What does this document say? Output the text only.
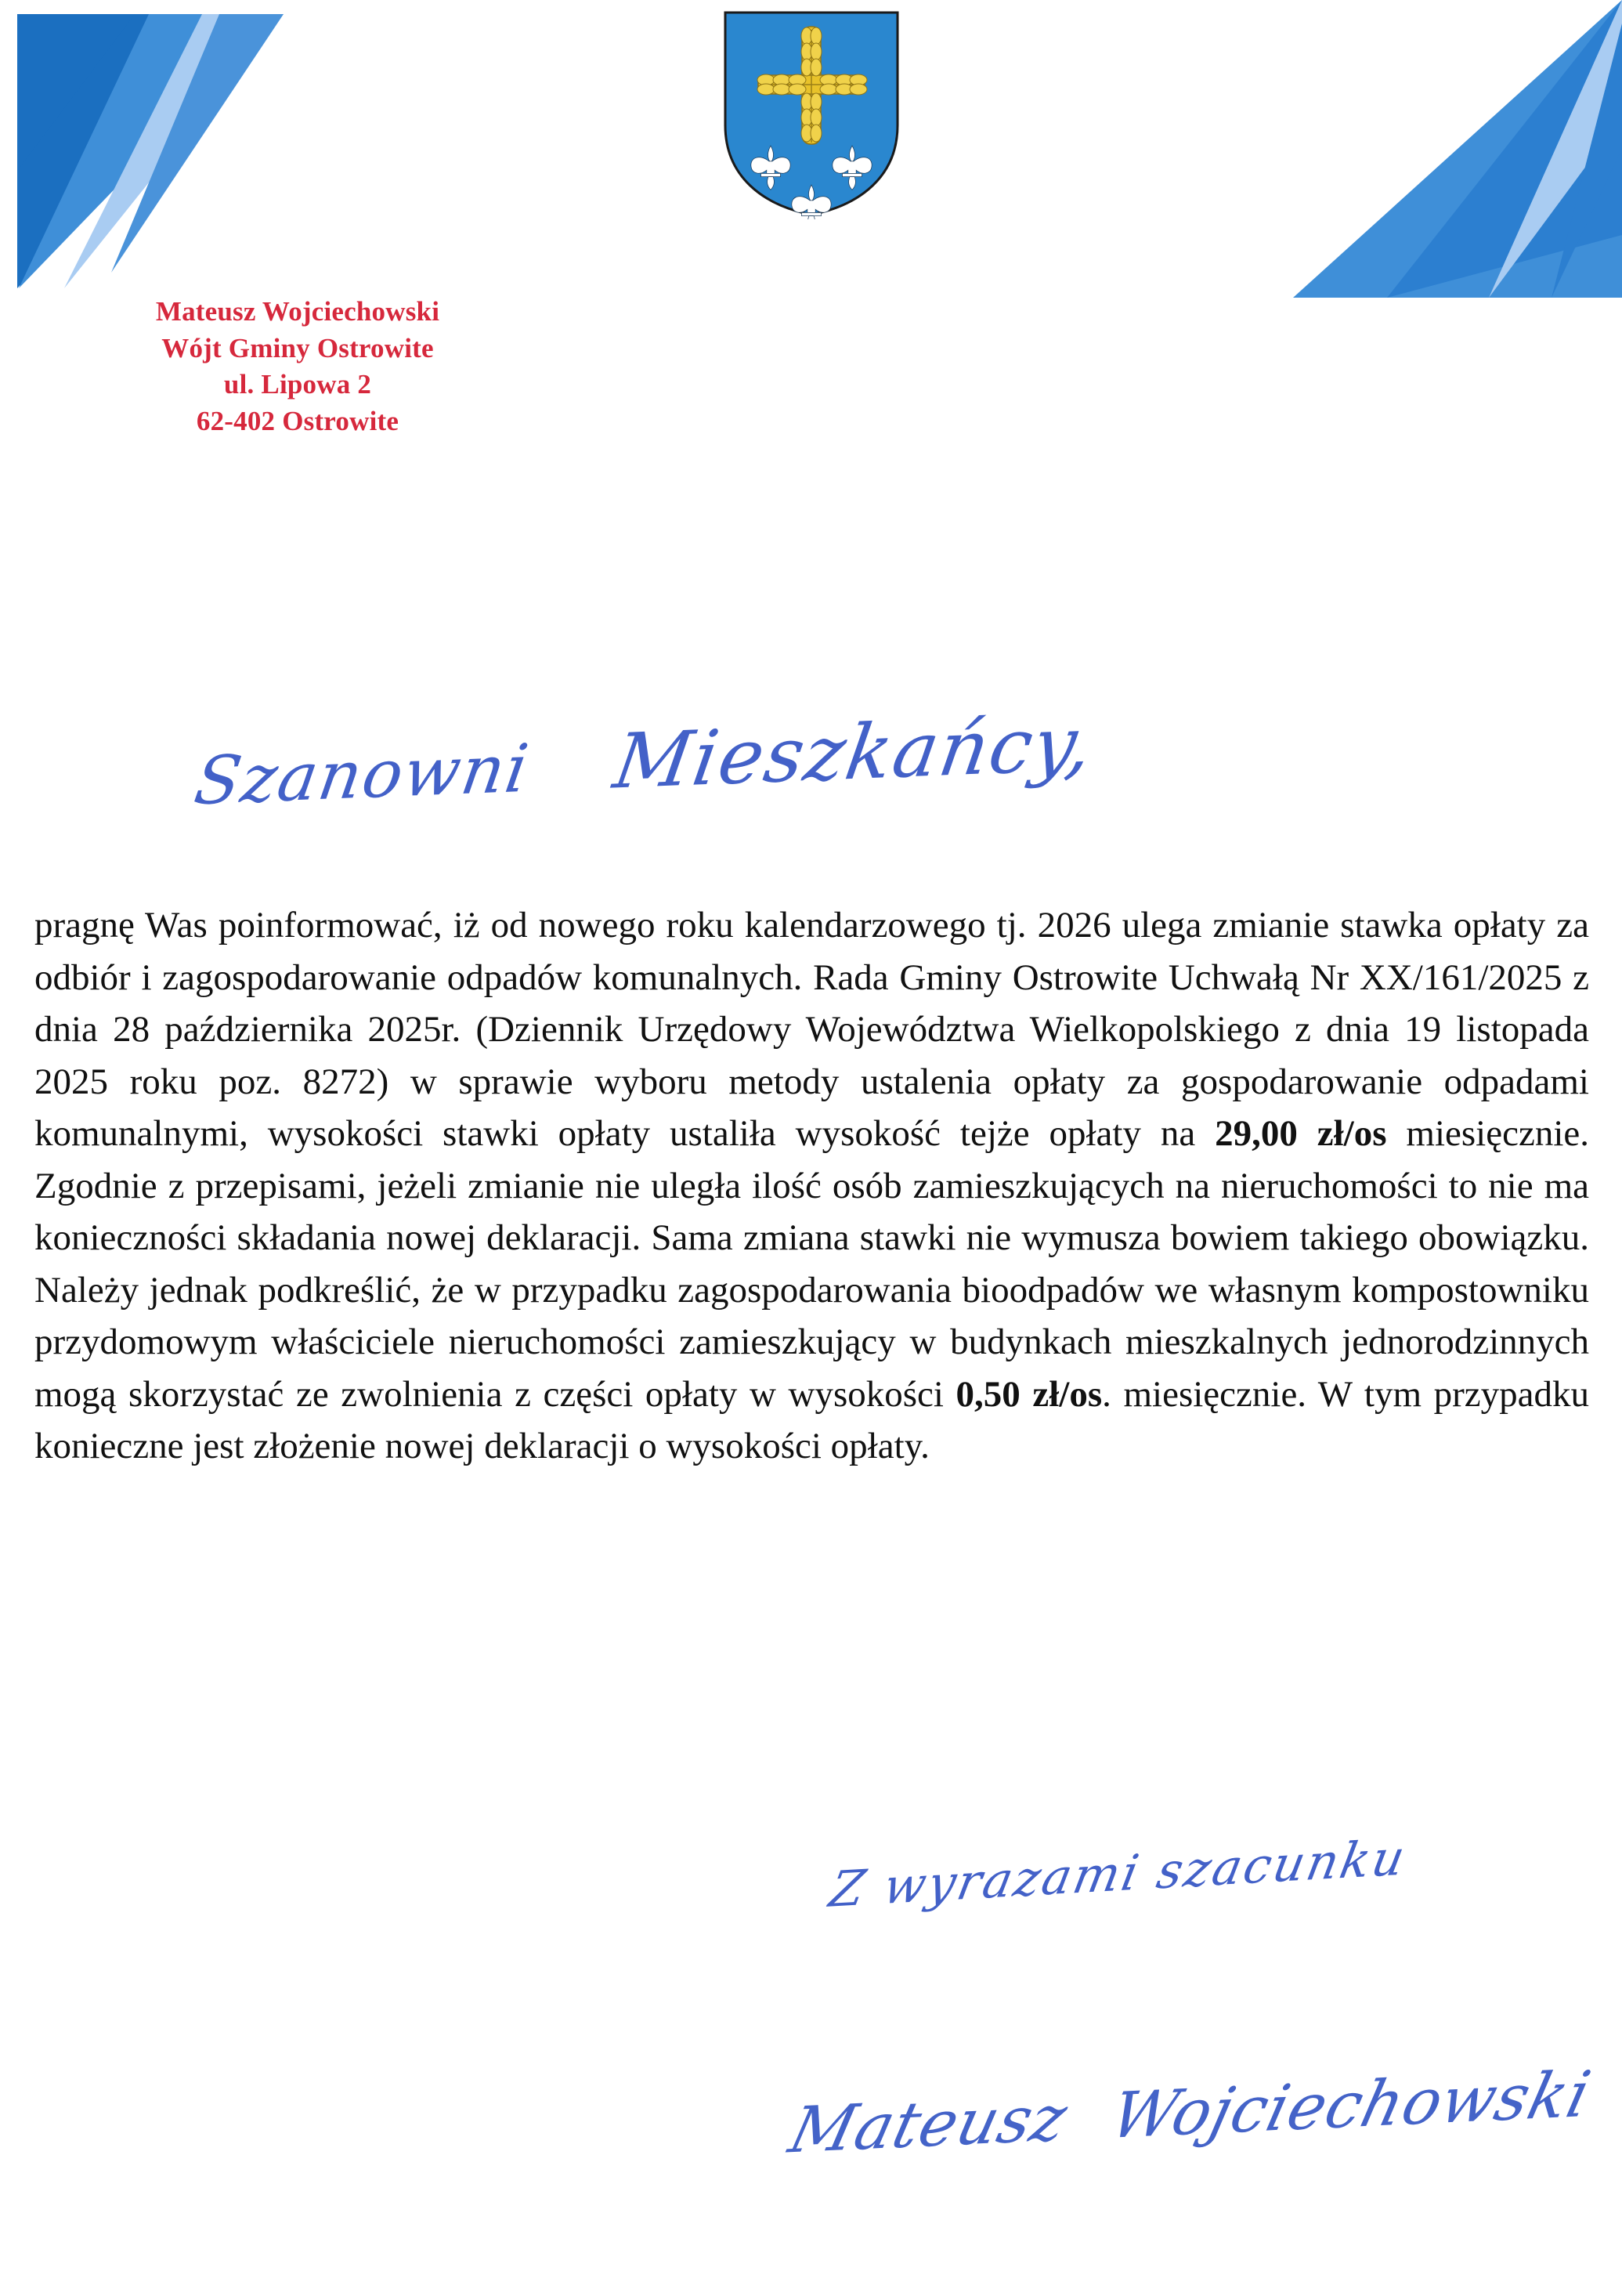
Mateusz Wojciechowski
Wójt Gminy Ostrowite
ul. Lipowa 2
62-402 Ostrowite
Szanowni Mieszkańcy,
pragnę Was poinformować, iż od nowego roku kalendarzowego tj. 2026 ulega zmianie stawka opłaty za odbiór i zagospodarowanie odpadów komunalnych. Rada Gminy Ostrowite Uchwałą Nr XX/161/2025 z dnia 28 października 2025r. (Dziennik Urzędowy Województwa Wielkopolskiego z dnia 19 listopada 2025 roku poz. 8272) w sprawie wyboru metody ustalenia opłaty za gospodarowanie odpadami komunalnymi, wysokości stawki opłaty ustaliła wysokość tejże opłaty na 29,00 zł/os miesięcznie. Zgodnie z przepisami, jeżeli zmianie nie uległa ilość osób zamieszkujących na nieruchomości to nie ma konieczności składania nowej deklaracji. Sama zmiana stawki nie wymusza bowiem takiego obowiązku. Należy jednak podkreślić, że w przypadku zagospodarowania bioodpadów we własnym kompostowniku przydomowym właściciele nieruchomości zamieszkujący w budynkach mieszkalnych jednorodzinnych mogą skorzystać ze zwolnienia z części opłaty w wysokości 0,50 zł/os. miesięcznie. W tym przypadku konieczne jest złożenie nowej deklaracji o wysokości opłaty.
Z wyrazami szacunku
Mateusz Wojciechowski
